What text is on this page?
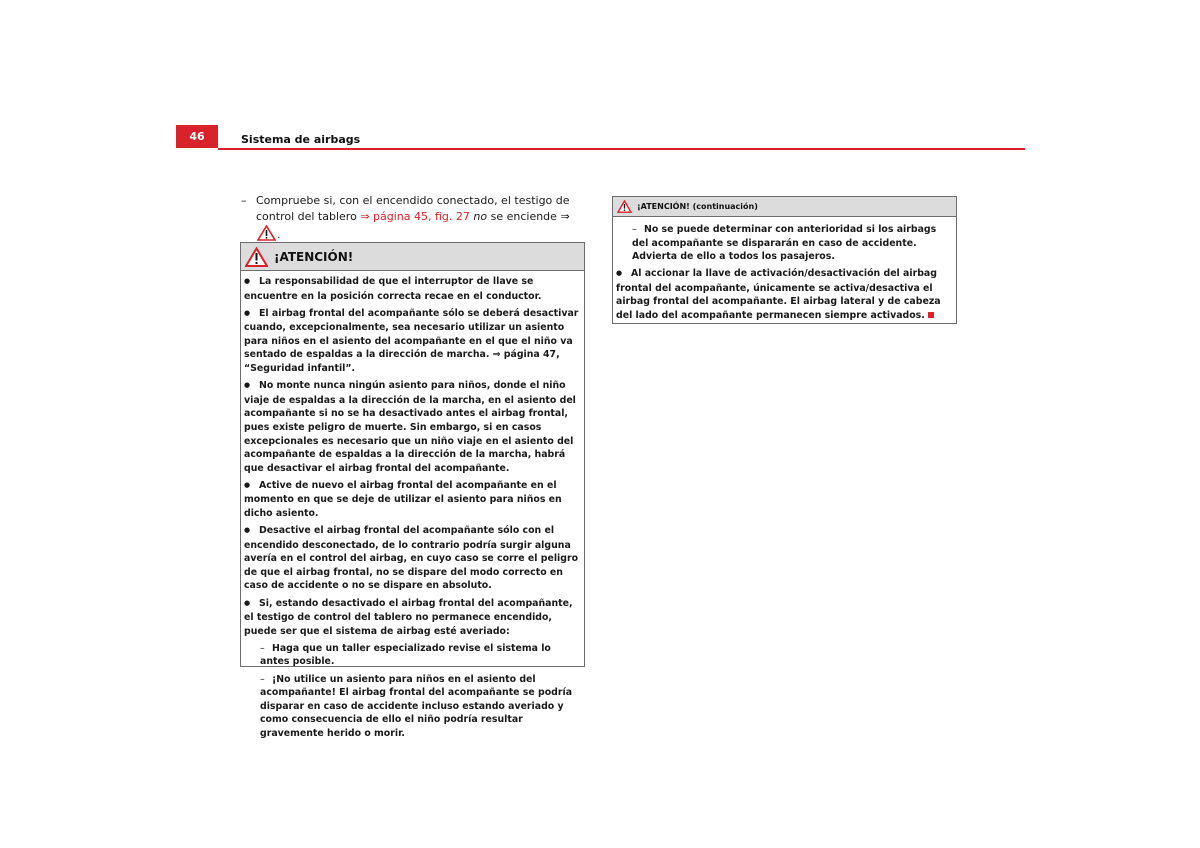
46	Sistema de airbags
– Compruebe si, con el encendido conectado, el testigo de control del tablero ⇒ página 45, fig. 27 no se enciende ⇒ .
¡ATENCIÓN!

●La responsabilidad de que el interruptor de llave se encuentre en la posición correcta recae en el conductor.

●El airbag frontal del acompañante sólo se deberá desactivar cuando, excepcionalmente, sea necesario utilizar un asiento para niños en el asiento del acompañante en el que el niño va sentado de espaldas a la dirección de marcha. ⇒ página 47, “Seguridad infantil”.

●No monte nunca ningún asiento para niños, donde el niño viaje de espaldas a la dirección de la marcha, en el asiento del acompañante si no se ha desactivado antes el airbag frontal, pues existe peligro de muerte. Sin embargo, si en casos excepcionales es necesario que un niño viaje en el asiento del acompañante de espaldas a la dirección de la marcha, habrá que desactivar el airbag frontal del acompañante.

●Active de nuevo el airbag frontal del acompañante en el momento en que se deje de utilizar el asiento para niños en dicho asiento.

●Desactive el airbag frontal del acompañante sólo con el encendido desconectado, de lo contrario podría surgir alguna avería en el control del airbag, en cuyo caso se corre el peligro de que el airbag frontal, no se dispare del modo correcto en caso de accidente o no se dispare en absoluto.

●Si, estando desactivado el airbag frontal del acompañante, el testigo de control del tablero no permanece encendido, puede ser que el sistema de airbag esté averiado:

– Haga que un taller especializado revise el sistema lo antes posible.

– ¡No utilice un asiento para niños en el asiento del acompañante! El airbag frontal del acompañante se podría disparar en caso de accidente incluso estando averiado y como consecuencia de ello el niño podría resultar gravemente herido o morir.

¡ATENCIÓN! (continuación)

– No se puede determinar con anterioridad si los airbags del acompañante se dispararán en caso de accidente. Advierta de ello a todos los pasajeros.

●Al accionar la llave de activación/desactivación del airbag frontal del acompañante, únicamente se activa/desactiva el airbag frontal del acompañante. El airbag lateral y de cabeza del lado del acompañante permanecen siempre activados.
